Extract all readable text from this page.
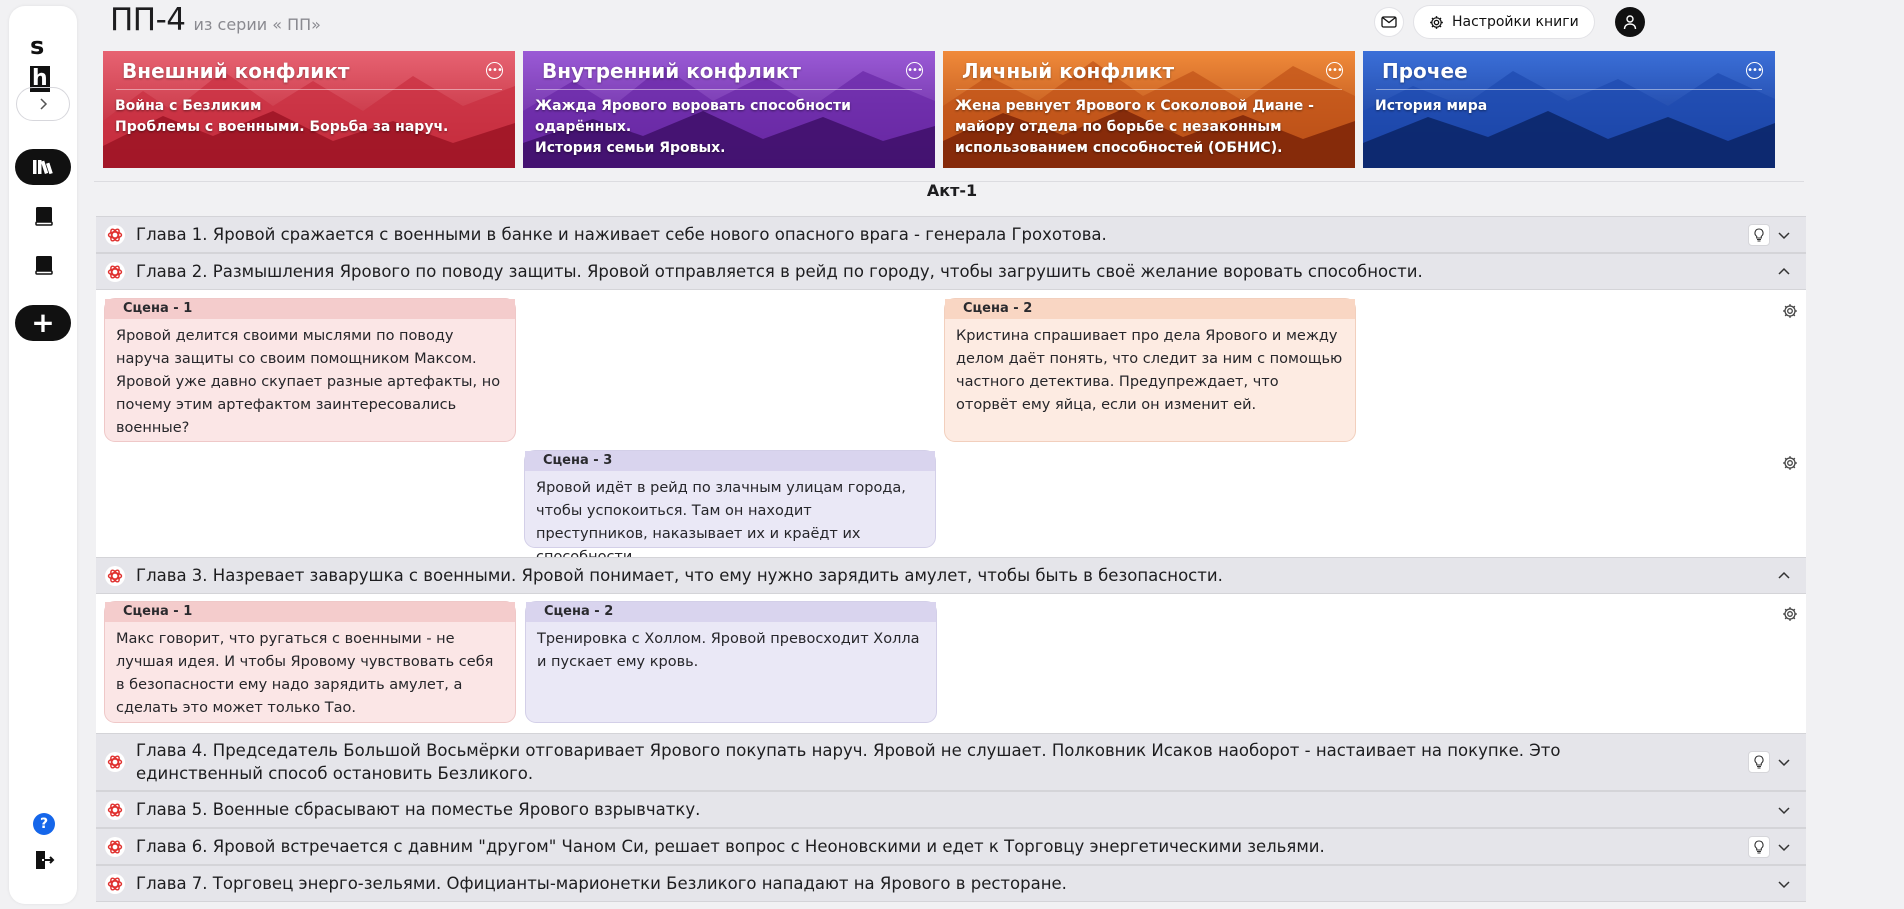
sh
+
?
ПП-4 из серии « ПП»	Настройки книги
Внешний конфликт	•••
Война с Безликим
Проблемы с военными. Борьба за наруч.
Внутренний конфликт	•••
Жажда Ярового воровать способности одарённых.
История семьи Яровых.
Личный конфликт	•••
Жена ревнует Ярового к Соколовой Диане - майору отдела по борьбе с незаконным использованием способностей (ОБНИС).
Прочее	•••
История мира
Акт-1
Глава 1. Яровой сражается с военными в банке и наживает себе нового опасного врага - генерала Грохотова.
Глава 2. Размышления Ярового по поводу защиты. Яровой отправляется в рейд по городу, чтобы загрушить своё желание воровать способности.
Сцена - 1
Яровой делится своими мыслями по поводу наруча защиты со своим помощником Максом. Яровой уже давно скупает разные артефакты, но почему этим артефактом заинтересовались военные?
Сцена - 2
Кристина спрашивает про дела Ярового и между делом даёт понять, что следит за ним с помощью частного детектива. Предупреждает, что оторвёт ему яйца, если он изменит ей.
Сцена - 3
Яровой идёт в рейд по злачным улицам города, чтобы успокоиться. Там он находит преступников, наказывает их и краёдт их
Глава 3. Назревает заварушка с военными. Яровой понимает, что ему нужно зарядить амулет, чтобы быть в безопасности.
Сцена - 1
Макс говорит, что ругаться с военными - не лучшая идея. И чтобы Яровому чувствовать себя в безопасности ему надо зарядить амулет, а сделать это может только Тао.
Сцена - 2
Тренировка с Холлом. Яровой превосходит Холла и пускает ему кровь.
Глава 4. Председатель Большой Восьмёрки отговаривает Ярового покупать наруч. Яровой не слушает. Полковник Исаков наоборот - настаивает на покупке. Это единственный способ остановить Безликого.
Глава 5. Военные сбрасывают на поместье Ярового взрывчатку.
Глава 6. Яровой встречается с давним "другом" Чаном Си, решает вопрос с Неоновскими и едет к Торговцу энергетическими зельями.
Глава 7. Торговец энерго-зельями. Официанты-марионетки Безликого нападают на Ярового в ресторане.
